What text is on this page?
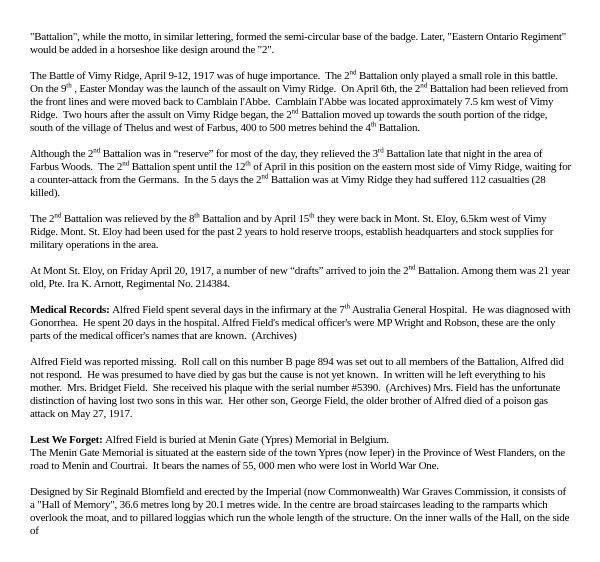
"Battalion", while the motto, in similar lettering, formed the semi-circular base of the badge. Later, "Eastern Ontario Regiment" would be added in a horseshoe like design around the "2".

The Battle of Vimy Ridge, April 9-12, 1917 was of huge importance.  The 2nd Battalion only played a small role in this battle.  On the 9th , Easter Monday was the launch of the assault on Vimy Ridge.  On April 6th, the 2nd Battalion had been relieved from the front lines and were moved back to Camblain l'Abbe.  Camblain l'Abbe was located approximately 7.5 km west of Vimy Ridge.  Two hours after the assult on Vimy Ridge began, the 2nd Battalion moved up towards the south portion of the ridge, south of the village of Thelus and west of Farbus, 400 to 500 metres behind the 4th Battalion.

Although the 2nd Battalion was in “reserve” for most of the day, they relieved the 3rd Battalion late that night in the area of Farbus Woods.  The 2nd Battalion spent until the 12th of April in this position on the eastern most side of Vimy Ridge, waiting for a counter-attack from the Germans.  In the 5 days the 2nd Battalion was at Vimy Ridge they had suffered 112 casualties (28 killed).

The 2nd Battalion was relieved by the 8th Battalion and by April 15th they were back in Mont. St. Eloy, 6.5km west of Vimy Ridge. Mont. St. Eloy had been used for the past 2 years to hold reserve troops, establish headquarters and stock supplies for military operations in the area.

At Mont St. Eloy, on Friday April 20, 1917, a number of new “drafts” arrived to join the 2nd Battalion. Among them was 21 year old, Pte. Ira K. Arnott, Regimental No. 214384.

Medical Records: Alfred Field spent several days in the infirmary at the 7th Australia General Hospital.  He was diagnosed with Gonorrhea.  He spent 20 days in the hospital. Alfred Field's medical officer's were MP Wright and Robson, these are the only parts of the medical officer's names that are known.  (Archives)

Alfred Field was reported missing.  Roll call on this number B page 894 was set out to all members of the Battalion, Alfred did not respond.  He was presumed to have died by gas but the cause is not yet known.  In written will he left everything to his mother.  Mrs. Bridget Field.  She received his plaque with the serial number #5390.  (Archives) Mrs. Field has the unfortunate distinction of having lost two sons in this war.  Her other son, George Field, the older brother of Alfred died of a poison gas attack on May 27, 1917.

Lest We Forget: Alfred Field is buried at Menin Gate (Ypres) Memorial in Belgium.

The Menin Gate Memorial is situated at the eastern side of the town Ypres (now Ieper) in the Province of West Flanders, on the road to Menin and Courtrai.  It bears the names of 55, 000 men who were lost in World War One.

Designed by Sir Reginald Blomfield and erected by the Imperial (now Commonwealth) War Graves Commission, it consists of a "Hall of Memory", 36.6 metres long by 20.1 metres wide. In the centre are broad staircases leading to the ramparts which overlook the moat, and to pillared loggias which run the whole length of the structure. On the inner walls of the Hall, on the side of
